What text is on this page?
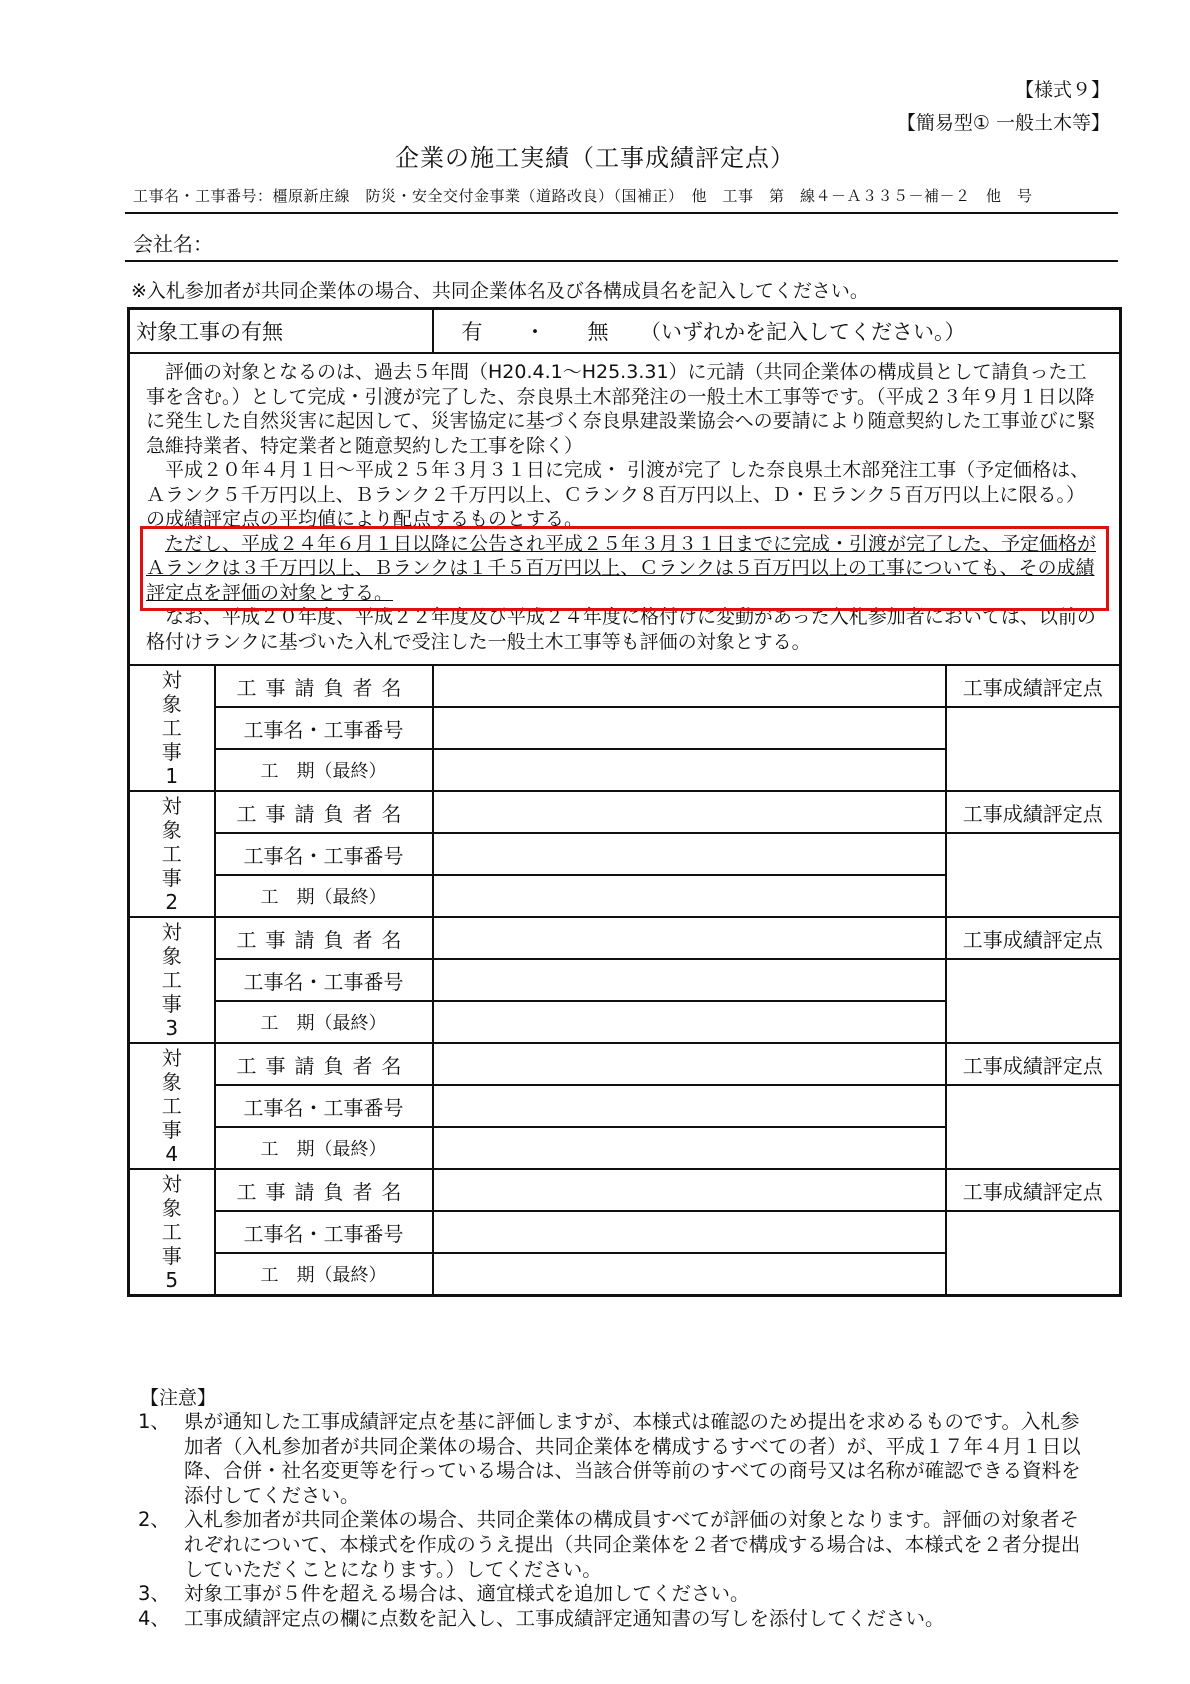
【様式９】
【簡易型① 一般土木等】
企業の施工実績（工事成績評定点）
工事名・工事番号：橿原新庄線　防災・安全交付金事業（道路改良）（国補正）　他　工事　第　線４－Ａ３３５－補－２　他　号
会社名：
※入札参加者が共同企業体の場合、共同企業体名及び各構成員名を記入してください。
対象工事の有無		有　　・　　無　　（いずれかを記入してください。）	

評価の対象となるのは、過去５年間（H20.4.1～H25.3.31）に元請（共同企業体の構成員として請負った工事を含む。）として完成・引渡が完了した、奈良県土木部発注の一般土木工事等です。（平成２３年９月１日以降に発生した自然災害に起因して、災害協定に基づく奈良県建設業協会への要請により随意契約した工事並びに緊急維持業者、特定業者と随意契約した工事を除く）

平成２０年４月１日～平成２５年３月３１日に完成・ 引渡が完了 した奈良県土木部発注工事（予定価格は、Ａランク５千万円以上、Ｂランク２千万円以上、Ｃランク８百万円以上、Ｄ・Ｅランク５百万円以上に限る。）の成績評定点の平均値により配点するものとする。

ただし、平成２４年６月１日以降に公告され平成２５年３月３１日までに完成・引渡が完了した、予定価格がＡランクは３千万円以上、Ｂランクは１千５百万円以上、Ｃランクは５百万円以上の工事についても、その成績評定点を評価の対象とする。

なお、平成２０年度、平成２２年度及び平成２４年度に格付けに変動があった入札参加者においては、以前の格付けランクに基づいた入札で受注した一般土木工事等も評価の対象とする。			

対
象
工
事
1	工事請負者名		工事成績評定点
	工事名・工事番号		
	工　期（最終）		

対
象
工
事
2	工事請負者名		工事成績評定点
	工事名・工事番号		
	工　期（最終）		

対
象
工
事
3	工事請負者名		工事成績評定点
	工事名・工事番号		
	工　期（最終）		

対
象
工
事
4	工事請負者名		工事成績評定点
	工事名・工事番号		
	工　期（最終）		

対
象
工
事
5	工事請負者名		工事成績評定点
	工事名・工事番号		
	工　期（最終）		
【注意】
1、 県が通知した工事成績評定点を基に評価しますが、本様式は確認のため提出を求めるものです。入札参加者（入札参加者が共同企業体の場合、共同企業体を構成するすべての者）が、平成１７年４月１日以降、合併・社名変更等を行っている場合は、当該合併等前のすべての商号又は名称が確認できる資料を添付してください。
2、 入札参加者が共同企業体の場合、共同企業体の構成員すべてが評価の対象となります。評価の対象者それぞれについて、本様式を作成のうえ提出（共同企業体を２者で構成する場合は、本様式を２者分提出していただくことになります。）してください。
3、 対象工事が５件を超える場合は、適宜様式を追加してください。
4、 工事成績評定点の欄に点数を記入し、工事成績評定通知書の写しを添付してください。
